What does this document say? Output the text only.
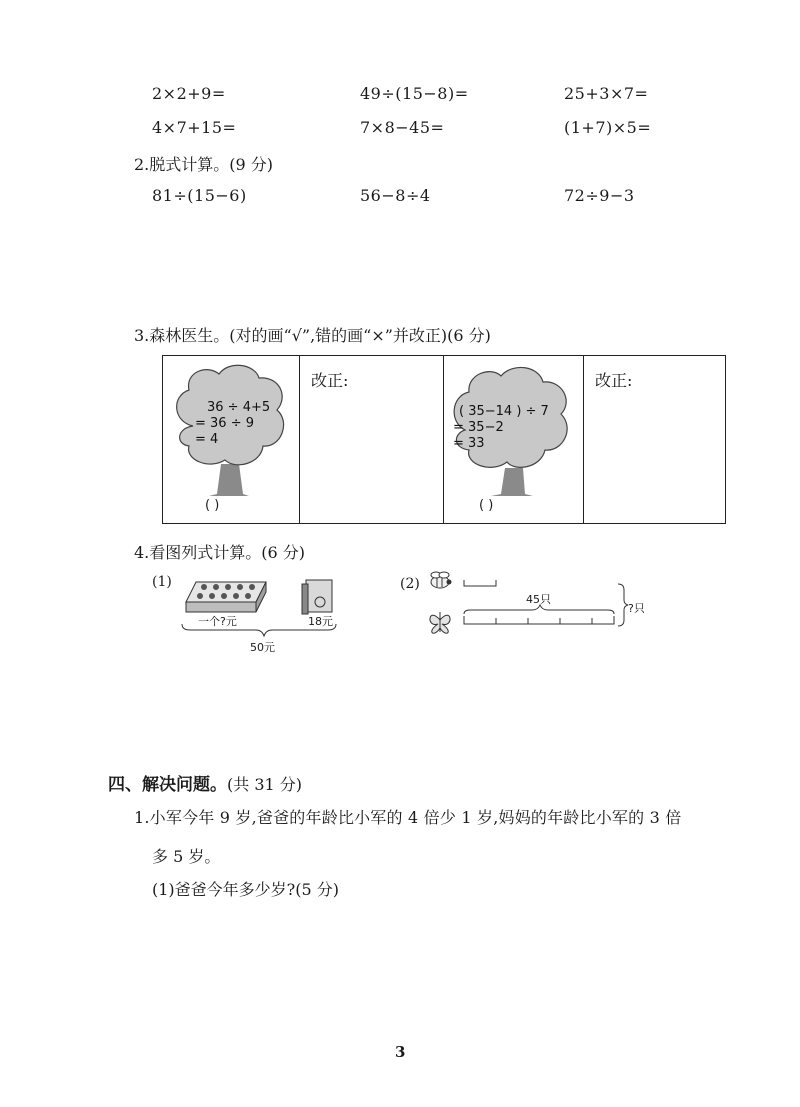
2×2+9=	49÷(15−8)=	25+3×7=
4×7+15=	7×8−45=	(1+7)×5=
2.脱式计算。(9 分)
81÷(15−6)	56−8÷4	72÷9−3
3.森林医生。(对的画“√”,错的画“×”并改正)(6 分)
36 ÷ 4+5
= 36 ÷ 9
= 4
( )
改正:
( 35−14 ) ÷ 7
= 35−2
= 33
( )
改正:
4.看图列式计算。(6 分)
(1)
一个?元	18元
50元
(2)
45只
?只
四、解决问题。(共 31 分)
1.小军今年 9 岁,爸爸的年龄比小军的 4 倍少 1 岁,妈妈的年龄比小军的 3 倍
多 5 岁。
(1)爸爸今年多少岁?(5 分)
3
